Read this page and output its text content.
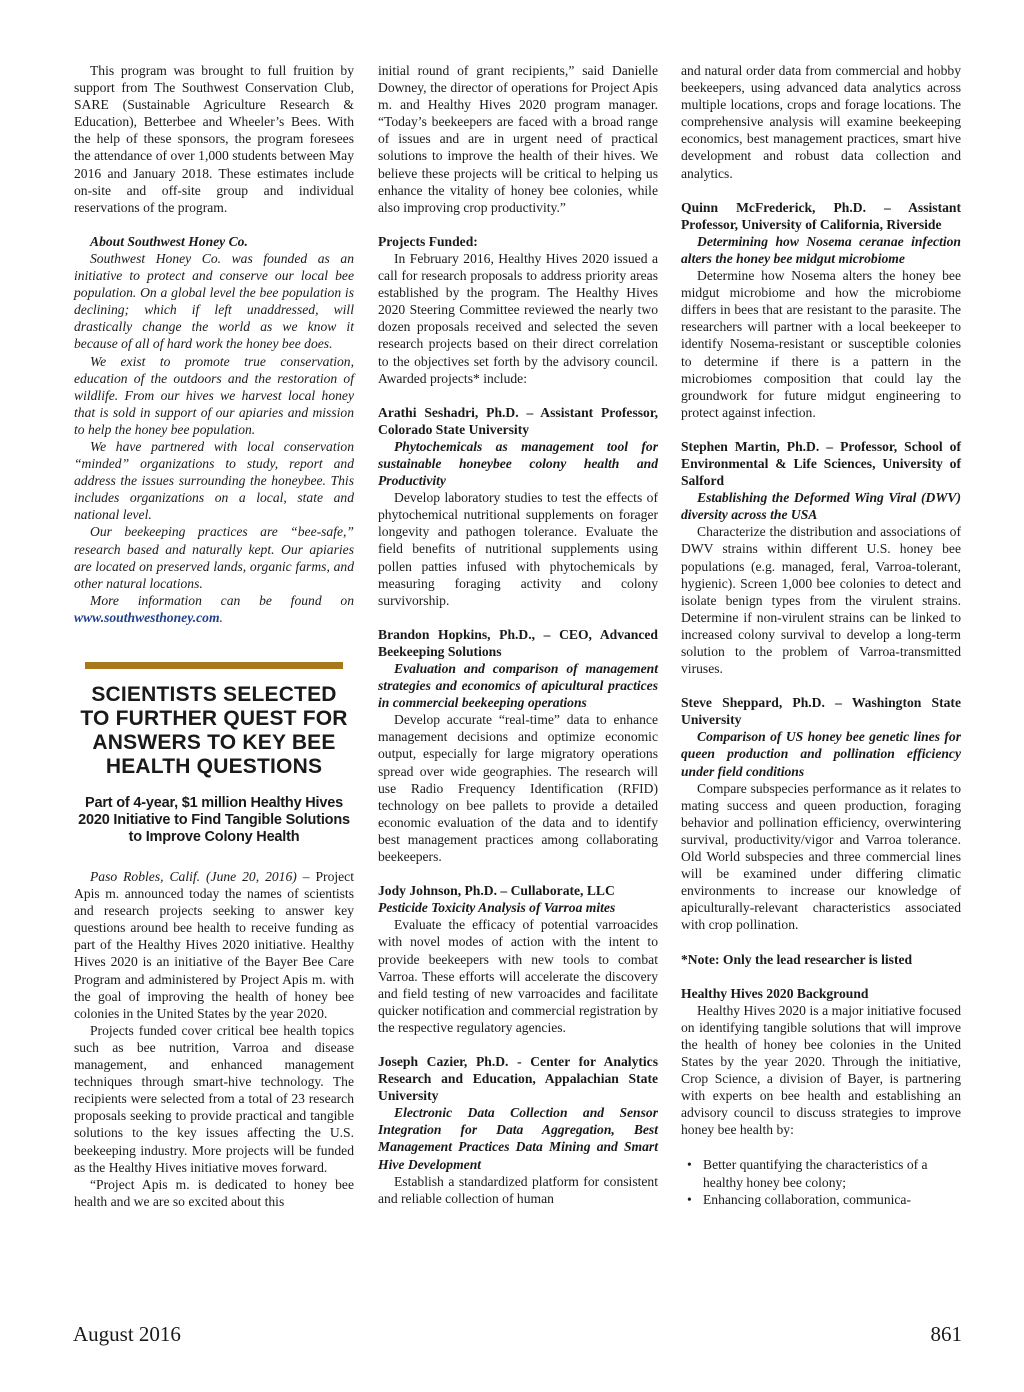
This program was brought to full fruition by support from The Southwest Conservation Club, SARE (Sustainable Agriculture Research & Education), Betterbee and Wheeler’s Bees. With the help of these sponsors, the program foresees the attendance of over 1,000 students between May 2016 and January 2018. These estimates include on-site and off-site group and individual reservations of the program.

About Southwest Honey Co.

Southwest Honey Co. was founded as an initiative to protect and conserve our local bee population. On a global level the bee population is declining; which if left unaddressed, will drastically change the world as we know it because of all of hard work the honey bee does.

We exist to promote true conservation, education of the outdoors and the restoration of wildlife. From our hives we harvest local honey that is sold in support of our apiaries and mission to help the honey bee population.

We have partnered with local conservation “minded” organizations to study, report and address the issues surrounding the honeybee. This includes organizations on a local, state and national level.

Our beekeeping practices are “bee-safe,” research based and naturally kept. Our apiaries are located on preserved lands, organic farms, and other natural locations.

More information can be found on www.southwesthoney.com.

SCIENTISTS SELECTED TO FURTHER QUEST FOR ANSWERS TO KEY BEE HEALTH QUESTIONS
Part of 4-year, $1 million Healthy Hives 2020 Initiative to Find Tangible Solutions to Improve Colony Health

Paso Robles, Calif. (June 20, 2016) – Project Apis m. announced today the names of scientists and research projects seeking to answer key questions around bee health to receive funding as part of the Healthy Hives 2020 initiative. Healthy Hives 2020 is an initiative of the Bayer Bee Care Program and administered by Project Apis m. with the goal of improving the health of honey bee colonies in the United States by the year 2020.

Projects funded cover critical bee health topics such as bee nutrition, Varroa and disease management, and enhanced management techniques through smart-hive technology. The recipients were selected from a total of 23 research proposals seeking to provide practical and tangible solutions to the key issues affecting the U.S. beekeeping industry. More projects will be funded as the Healthy Hives initiative moves forward.

“Project Apis m. is dedicated to honey bee health and we are so excited about this

initial round of grant recipients,” said Danielle Downey, the director of operations for Project Apis m. and Healthy Hives 2020 program manager. “Today’s beekeepers are faced with a broad range of issues and are in urgent need of practical solutions to improve the health of their hives. We believe these projects will be critical to helping us enhance the vitality of honey bee colonies, while also improving crop productivity.”

Projects Funded:

In February 2016, Healthy Hives 2020 issued a call for research proposals to address priority areas established by the program. The Healthy Hives 2020 Steering Committee reviewed the nearly two dozen proposals received and selected the seven research projects based on their direct correlation to the objectives set forth by the advisory council. Awarded projects* include:

Arathi Seshadri, Ph.D. – Assistant Professor, Colorado State University

Phytochemicals as management tool for sustainable honeybee colony health and Productivity

Develop laboratory studies to test the effects of phytochemical nutritional supplements on forager longevity and pathogen tolerance. Evaluate the field benefits of nutritional supplements using pollen patties infused with phytochemicals by measuring foraging activity and colony survivorship.

Brandon Hopkins, Ph.D., – CEO, Advanced Beekeeping Solutions

Evaluation and comparison of management strategies and economics of apicultural practices in commercial beekeeping operations

Develop accurate “real-time” data to enhance management decisions and optimize economic output, especially for large migratory operations spread over wide geographies. The research will use Radio Frequency Identification (RFID) technology on bee pallets to provide a detailed economic evaluation of the data and to identify best management practices among collaborating beekeepers.

Jody Johnson, Ph.D. – Cullaborate, LLC

Pesticide Toxicity Analysis of Varroa mites

Evaluate the efficacy of potential varroacides with novel modes of action with the intent to provide beekeepers with new tools to combat Varroa. These efforts will accelerate the discovery and field testing of new varroacides and facilitate quicker notification and commercial registration by the respective regulatory agencies.

Joseph Cazier, Ph.D. - Center for Analytics Research and Education, Appalachian State University

Electronic Data Collection and Sensor Integration for Data Aggregation, Best Management Practices Data Mining and Smart Hive Development

Establish a standardized platform for consistent and reliable collection of human

and natural order data from commercial and hobby beekeepers, using advanced data analytics across multiple locations, crops and forage locations. The comprehensive analysis will examine beekeeping economics, best management practices, smart hive development and robust data collection and analytics.

Quinn McFrederick, Ph.D. – Assistant Professor, University of California, Riverside

Determining how Nosema ceranae infection alters the honey bee midgut microbiome

Determine how Nosema alters the honey bee midgut microbiome and how the microbiome differs in bees that are resistant to the parasite. The researchers will partner with a local beekeeper to identify Nosema-resistant or susceptible colonies to determine if there is a pattern in the microbiomes composition that could lay the groundwork for future midgut engineering to protect against infection.

Stephen Martin, Ph.D. – Professor, School of Environmental & Life Sciences, University of Salford

Establishing the Deformed Wing Viral (DWV) diversity across the USA

Characterize the distribution and associations of DWV strains within different U.S. honey bee populations (e.g. managed, feral, Varroa-tolerant, hygienic). Screen 1,000 bee colonies to detect and isolate benign types from the virulent strains. Determine if non-virulent strains can be linked to increased colony survival to develop a long-term solution to the problem of Varroa-transmitted viruses.

Steve Sheppard, Ph.D. – Washington State University

Comparison of US honey bee genetic lines for queen production and pollination efficiency under field conditions

Compare subspecies performance as it relates to mating success and queen production, foraging behavior and pollination efficiency, overwintering survival, productivity/vigor and Varroa tolerance. Old World subspecies and three commercial lines will be examined under differing climatic environments to increase our knowledge of apiculturally-relevant characteristics associated with crop pollination.

*Note: Only the lead researcher is listed

Healthy Hives 2020 Background

Healthy Hives 2020 is a major initiative focused on identifying tangible solutions that will improve the health of honey bee colonies in the United States by the year 2020. Through the initiative, Crop Science, a division of Bayer, is partnering with experts on bee health and establishing an advisory council to discuss strategies to improve honey bee health by:

• Better quantifying the characteristics of a healthy honey bee colony;
• Enhancing collaboration, communica-
August 2016	861
